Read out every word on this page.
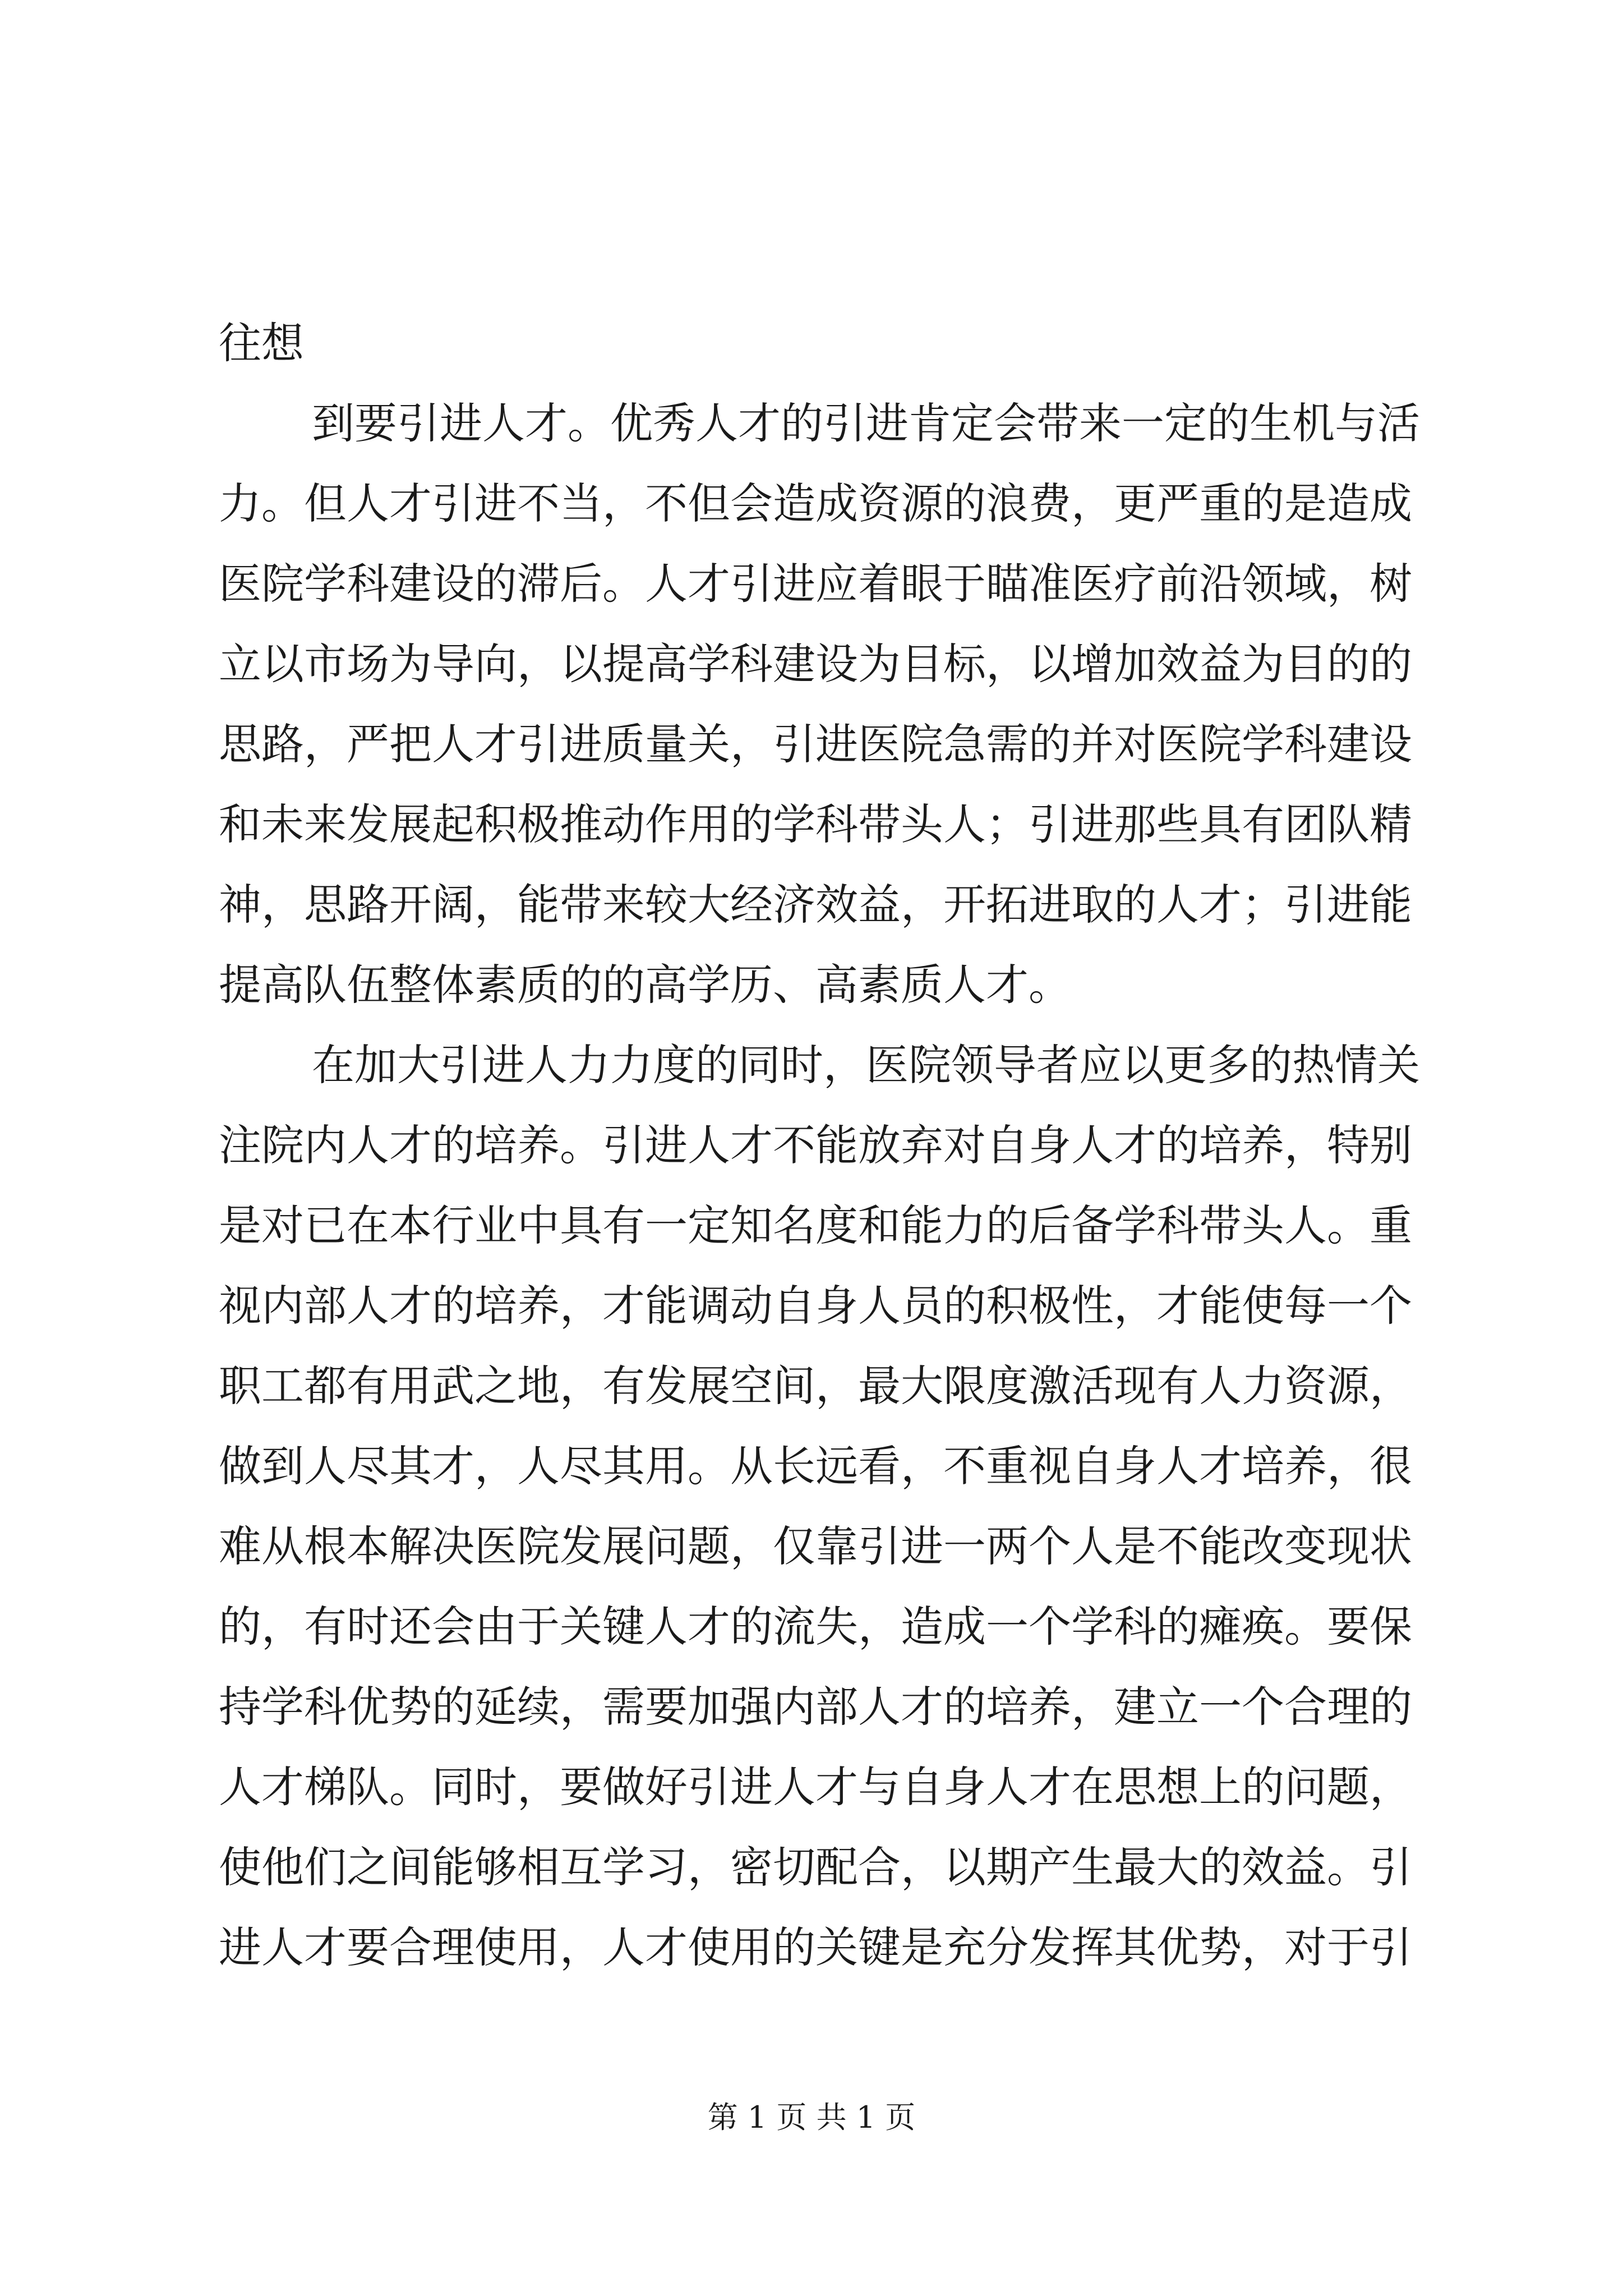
往想
到要引进人才。优秀人才的引进肯定会带来一定的生机与活
力。但人才引进不当，不但会造成资源的浪费，更严重的是造成
医院学科建设的滞后。人才引进应着眼于瞄准医疗前沿领域，树
立以市场为导向，以提高学科建设为目标，以增加效益为目的的
思路，严把人才引进质量关，引进医院急需的并对医院学科建设
和未来发展起积极推动作用的学科带头人；引进那些具有团队精
神，思路开阔，能带来较大经济效益，开拓进取的人才；引进能
提高队伍整体素质的的高学历、高素质人才。
在加大引进人力力度的同时，医院领导者应以更多的热情关
注院内人才的培养。引进人才不能放弃对自身人才的培养，特别
是对已在本行业中具有一定知名度和能力的后备学科带头人。重
视内部人才的培养，才能调动自身人员的积极性，才能使每一个
职工都有用武之地，有发展空间，最大限度激活现有人力资源，
做到人尽其才，人尽其用。从长远看，不重视自身人才培养，很
难从根本解决医院发展问题，仅靠引进一两个人是不能改变现状
的，有时还会由于关键人才的流失，造成一个学科的瘫痪。要保
持学科优势的延续，需要加强内部人才的培养，建立一个合理的
人才梯队。同时，要做好引进人才与自身人才在思想上的问题，
使他们之间能够相互学习，密切配合，以期产生最大的效益。引
进人才要合理使用，人才使用的关键是充分发挥其优势，对于引
第 1 页 共 1 页
